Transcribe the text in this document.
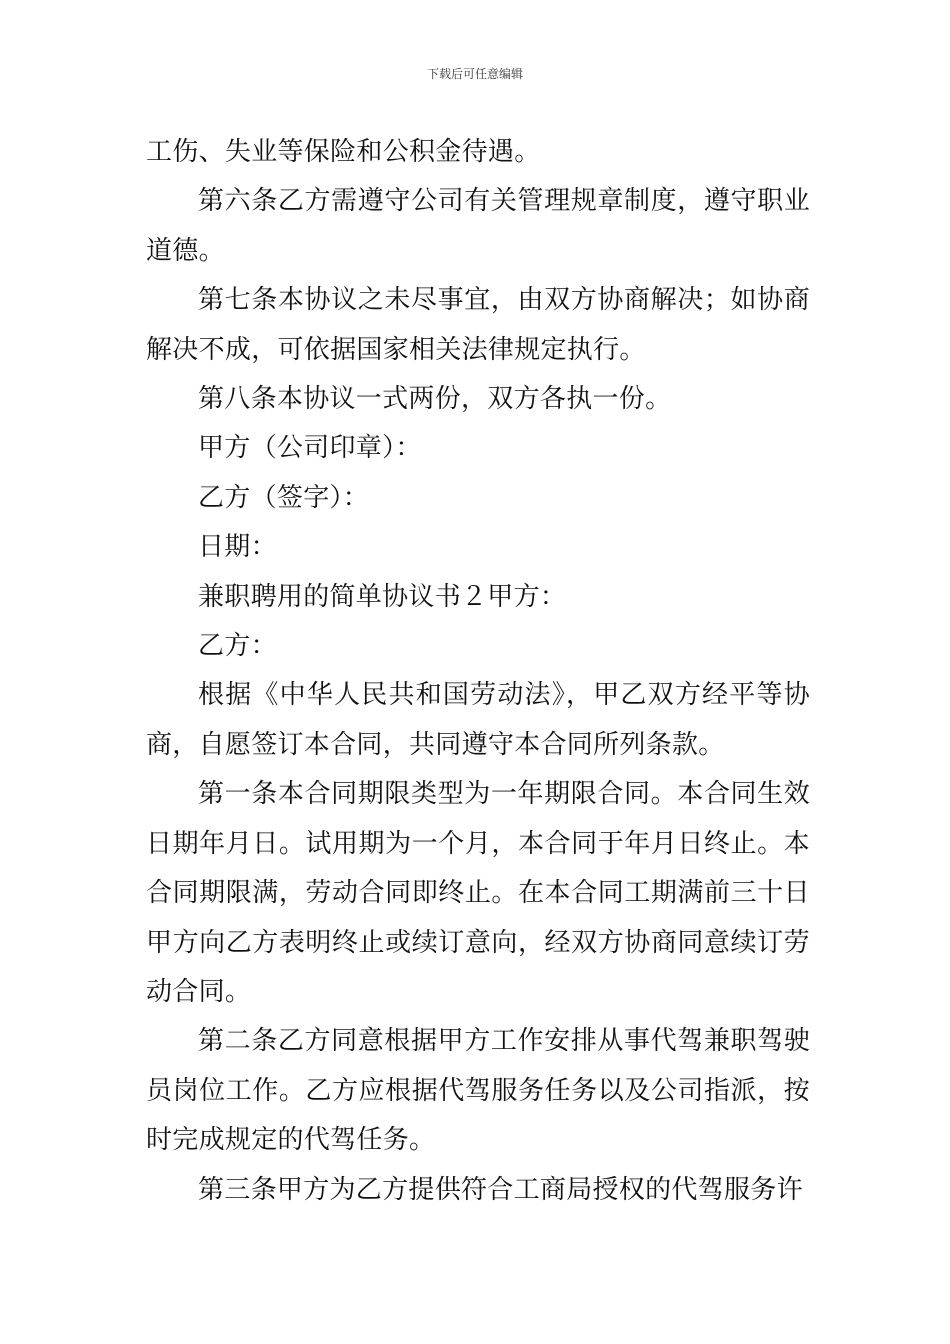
下载后可任意编辑

工伤、失业等保险和公积金待遇。

第六条乙方需遵守公司有关管理规章制度，遵守职业道德。

第七条本协议之未尽事宜，由双方协商解决；如协商解决不成，可依据国家相关法律规定执行。

第八条本协议一式两份，双方各执一份。

甲方（公司印章）：

乙方（签字）：

日期：

兼职聘用的简单协议书２甲方：

乙方：

根据《中华人民共和国劳动法》，甲乙双方经平等协商，自愿签订本合同，共同遵守本合同所列条款。

第一条本合同期限类型为一年期限合同。本合同生效日期年月日。试用期为一个月，本合同于年月日终止。本合同期限满，劳动合同即终止。在本合同工期满前三十日甲方向乙方表明终止或续订意向，经双方协商同意续订劳动合同。

第二条乙方同意根据甲方工作安排从事代驾兼职驾驶员岗位工作。乙方应根据代驾服务任务以及公司指派，按时完成规定的代驾任务。

第三条甲方为乙方提供符合工商局授权的代驾服务许
